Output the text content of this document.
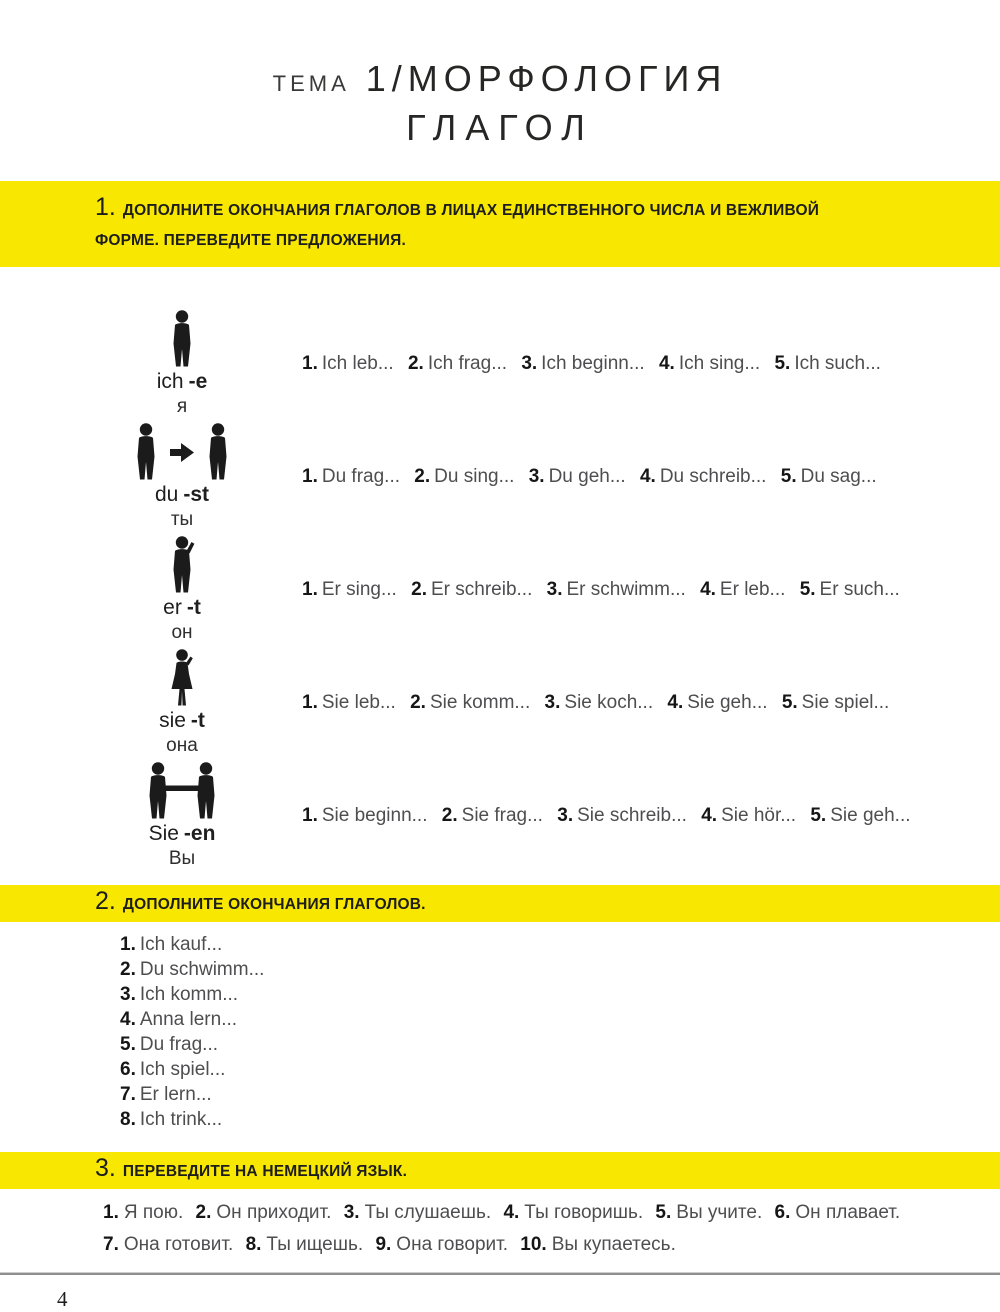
ТЕМА 1/МОРФОЛОГИЯ
ГЛАГОЛ
1. ДОПОЛНИТЕ ОКОНЧАНИЯ ГЛАГОЛОВ В ЛИЦАХ ЕДИНСТВЕННОГО ЧИСЛА И ВЕЖЛИВОЙ ФОРМЕ. ПЕРЕВЕДИТЕ ПРЕДЛОЖЕНИЯ.
ich -e
я
1. Ich leb... 2. Ich frag... 3. Ich beginn... 4. Ich sing... 5. Ich such...
du -st
ты
1. Du frag... 2. Du sing... 3. Du geh... 4. Du schreib... 5. Du sag...
er -t
он
1. Er sing... 2. Er schreib... 3. Er schwimm... 4. Er leb... 5. Er such...
sie -t
она
1. Sie leb... 2. Sie komm... 3. Sie koch... 4. Sie geh... 5. Sie spiel...
Sie -en
Вы
1. Sie beginn... 2. Sie frag... 3. Sie schreib... 4. Sie hör... 5. Sie geh...
2. ДОПОЛНИТЕ ОКОНЧАНИЯ ГЛАГОЛОВ.
1. Ich kauf...
2. Du schwimm...
3. Ich komm...
4. Anna lern...
5. Du frag...
6. Ich spiel...
7. Er lern...
8. Ich trink...
3. ПЕРЕВЕДИТЕ НА НЕМЕЦКИЙ ЯЗЫК.
1. Я пою. 2. Он приходит. 3. Ты слушаешь. 4. Ты говоришь. 5. Вы учите. 6. Он плавает. 7. Она готовит. 8. Ты ищешь. 9. Она говорит. 10. Вы купаетесь.
4
